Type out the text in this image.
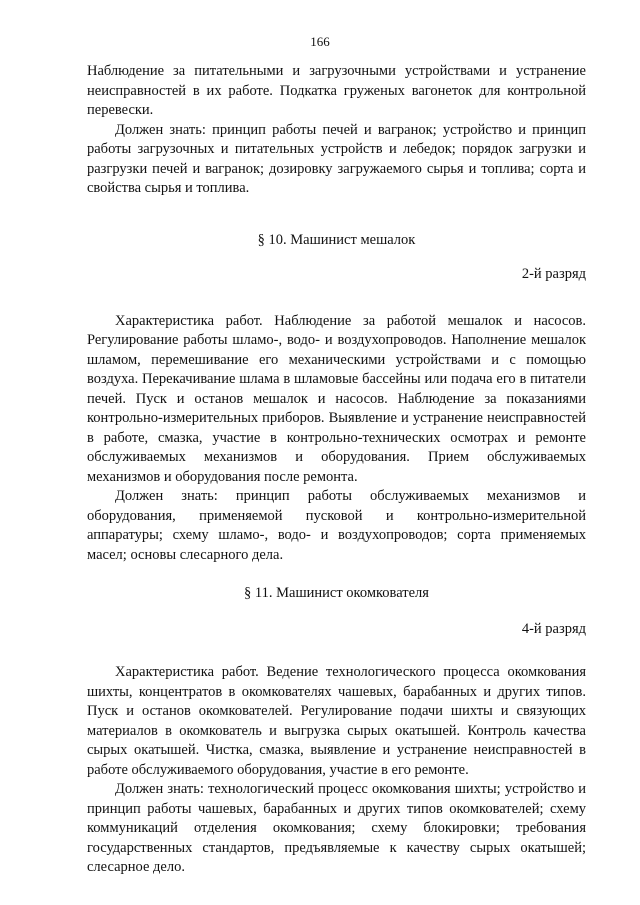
166

Наблюдение за питательными и загрузочными устройствами и устранение неисправностей в их работе. Подкатка груженых вагонеток для контрольной перевески.

Должен знать: принцип работы печей и вагранок; устройство и принцип работы загрузочных и питательных устройств и лебедок; порядок загрузки и разгрузки печей и вагранок; дозировку загружаемого сырья и топлива; сорта и свойства сырья и топлива.

§ 10. Машинист мешалок

2-й разряд

Характеристика работ. Наблюдение за работой мешалок и насосов. Регулирование работы шламо-, водо- и воздухопроводов. Наполнение мешалок шламом, перемешивание его механическими устройствами и с помощью воздуха. Перекачивание шлама в шламовые бассейны или подача его в питатели печей. Пуск и останов мешалок и насосов. Наблюдение за показаниями контрольно-измерительных приборов. Выявление и устранение неисправностей в работе, смазка, участие в контрольно-технических осмотрах и ремонте обслуживаемых механизмов и оборудования. Прием обслуживаемых механизмов и оборудования после ремонта.

Должен знать: принцип работы обслуживаемых механизмов и оборудования, применяемой пусковой и контрольно-измерительной аппаратуры; схему шламо-, водо- и воздухопроводов; сорта применяемых масел; основы слесарного дела.

§ 11. Машинист окомкователя

4-й разряд

Характеристика работ. Ведение технологического процесса окомкования шихты, концентратов в окомкователях чашевых, барабанных и других типов. Пуск и останов окомкователей. Регулирование подачи шихты и связующих материалов в окомкователь и выгрузка сырых окатышей. Контроль качества сырых окатышей. Чистка, смазка, выявление и устранение неисправностей в работе обслуживаемого оборудования, участие в его ремонте.

Должен знать: технологический процесс окомкования шихты; устройство и принцип работы чашевых, барабанных и других типов окомкователей; схему коммуникаций отделения окомкования; схему блокировки; требования государственных стандартов, предъявляемые к качеству сырых окатышей; слесарное дело.
